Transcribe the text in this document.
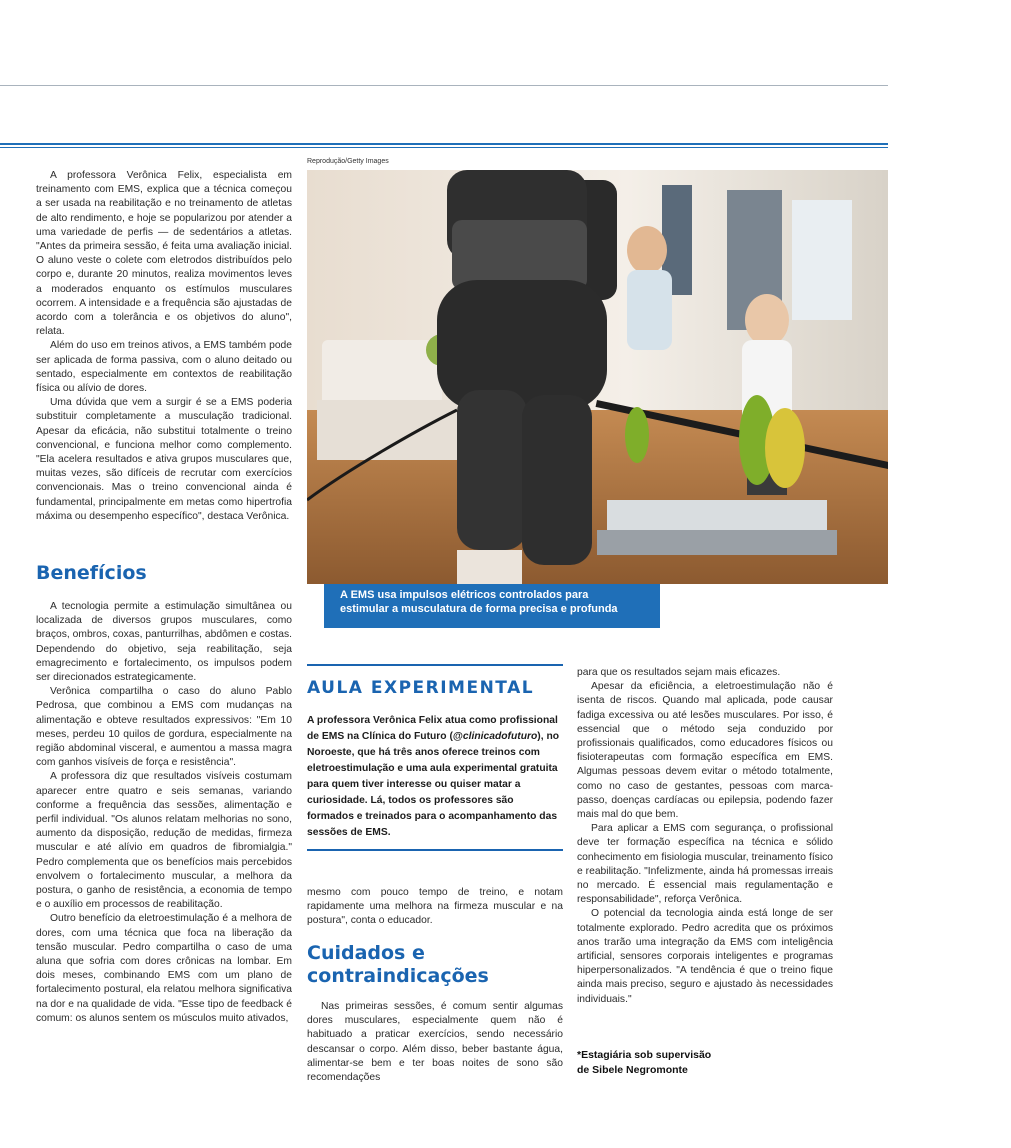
A professora Verônica Felix, especialista em treinamento com EMS, explica que a técnica começou a ser usada na reabilitação e no treinamento de atletas de alto rendimento, e hoje se popularizou por atender a uma variedade de perfis — de sedentários a atletas. "Antes da primeira sessão, é feita uma avaliação inicial. O aluno veste o colete com eletrodos distribuídos pelo corpo e, durante 20 minutos, realiza movimentos leves a moderados enquanto os estímulos musculares ocorrem. A intensidade e a frequência são ajustadas de acordo com a tolerância e os objetivos do aluno", relata.

Além do uso em treinos ativos, a EMS também pode ser aplicada de forma passiva, com o aluno deitado ou sentado, especialmente em contextos de reabilitação física ou alívio de dores.

Uma dúvida que vem a surgir é se a EMS poderia substituir completamente a musculação tradicional. Apesar da eficácia, não substitui totalmente o treino convencional, e funciona melhor como complemento. "Ela acelera resultados e ativa grupos musculares que, muitas vezes, são difíceis de recrutar com exercícios convencionais. Mas o treino convencional ainda é fundamental, principalmente em metas como hipertrofia máxima ou desempenho específico", destaca Verônica.

Benefícios

A tecnologia permite a estimulação simultânea ou localizada de diversos grupos musculares, como braços, ombros, coxas, panturrilhas, abdômen e costas. Dependendo do objetivo, seja reabilitação, seja emagrecimento e fortalecimento, os impulsos podem ser direcionados estrategicamente.

Verônica compartilha o caso do aluno Pablo Pedrosa, que combinou a EMS com mudanças na alimentação e obteve resultados expressivos: "Em 10 meses, perdeu 10 quilos de gordura, especialmente na região abdominal visceral, e aumentou a massa magra com ganhos visíveis de força e resistência".

A professora diz que resultados visíveis costumam aparecer entre quatro e seis semanas, variando conforme a frequência das sessões, alimentação e perfil individual. "Os alunos relatam melhorias no sono, aumento da disposição, redução de medidas, firmeza muscular e até alívio em quadros de fibromialgia." Pedro complementa que os benefícios mais percebidos envolvem o fortalecimento muscular, a melhora da postura, o ganho de resistência, a economia de tempo e o auxílio em processos de reabilitação.

Outro benefício da eletroestimulação é a melhora de dores, com uma técnica que foca na liberação da tensão muscular. Pedro compartilha o caso de uma aluna que sofria com dores crônicas na lombar. Em dois meses, combinando EMS com um plano de fortalecimento postural, ela relatou melhora significativa na dor e na qualidade de vida. "Esse tipo de feedback é comum: os alunos sentem os músculos muito ativados,

Reprodução/Getty Images
A EMS usa impulsos elétricos controlados para
estimular a musculatura de forma precisa e profunda
AULA EXPERIMENTAL
A professora Verônica Felix atua como profissional de EMS na Clínica do Futuro (@clinicadofuturo), no Noroeste, que há três anos oferece treinos com eletroestimulação e uma aula experimental gratuita para quem tiver interesse ou quiser matar a curiosidade. Lá, todos os professores são formados e treinados para o acompanhamento das sessões de EMS.

mesmo com pouco tempo de treino, e notam rapidamente uma melhora na firmeza muscular e na postura", conta o educador.

Cuidados e
contraindicações

Nas primeiras sessões, é comum sentir algumas dores musculares, especialmente quem não é habituado a praticar exercícios, sendo necessário descansar o corpo. Além disso, beber bastante água, alimentar-se bem e ter boas noites de sono são recomendações

para que os resultados sejam mais eficazes.

Apesar da eficiência, a eletroestimulação não é isenta de riscos. Quando mal aplicada, pode causar fadiga excessiva ou até lesões musculares. Por isso, é essencial que o método seja conduzido por profissionais qualificados, como educadores físicos ou fisioterapeutas com formação específica em EMS. Algumas pessoas devem evitar o método totalmente, como no caso de gestantes, pessoas com marca-passo, doenças cardíacas ou epilepsia, podendo fazer mais mal do que bem.

Para aplicar a EMS com segurança, o profissional deve ter formação específica na técnica e sólido conhecimento em fisiologia muscular, treinamento físico e reabilitação. "Infelizmente, ainda há promessas irreais no mercado. É essencial mais regulamentação e responsabilidade", reforça Verônica.

O potencial da tecnologia ainda está longe de ser totalmente explorado. Pedro acredita que os próximos anos trarão uma integração da EMS com inteligência artificial, sensores corporais inteligentes e programas hiperpersonalizados. "A tendência é que o treino fique ainda mais preciso, seguro e ajustado às necessidades individuais."

*Estagiária sob supervisão
de Sibele Negromonte
